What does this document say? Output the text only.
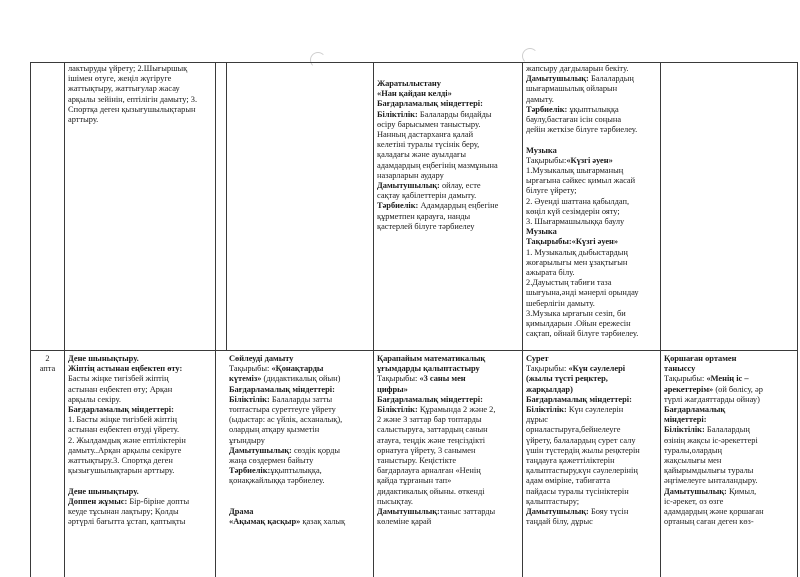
лактыруды үйрету; 2.Шығыршық

ішімен өтуге, жеңіл жүгіруге

жаттықтыру, жаттығулар жасау

арқылы зейінін, ептілігін дамыту; 3.

Спортқа деген қызығушылықтарын

арттыру.

Жаратылыстану

«Нан қайдан келді»

Бағдарламалық міндеттері:

Біліктілік: Балаларды бидайды

өсіру барысымен таныстыру.

Нанның дастарханға қалай

келетіні туралы түсінік беру,

қаладағы және ауылдағы

адамдардың еңбегінің мазмұнына

назарларын аудару

Дамытушылық: ойлау, есте

сақтау қабілеттерін дамыту.

Тәрбиелік: Адамдардың еңбегіне

құрметпен қарауға, нанды

қастерлей білуге тәрбиелеу

жапсыру дағдыларын бекіту.

Дамытушылық: Балалардың

шығармашылық ойларын

дамыту.

Тәрбиелік: ұқыптылыққа

баулу,бастаған ісін соңына

дейін жеткізе білуге тәрбиелеу.

Музыка

Тақырыбы:«Күзгі әуен»

1.Музыкалық шығарманың

ырғағына сәйкес қимыл жасай

білуге үйрету;

2. Әуенді шаттана қабылдап,

көңіл күй сезімдерін ояту;

3. Шығармашылыққа баулу

Музыка

Тақырыбы:«Күзгі әуен»

1. Музыкалық дыбыстардың

жоғарылығы мен ұзақтығын

ажырата білу.

2.Дауыстың табиғи таза

шығуына,әнді мәнерлі орындау

шеберлігін дамыту.

3.Музыка ырғағын сезіп, би

қимылдарын .Ойын ережесін

сақтап, ойнай білуге тәрбиелеу.

2

апта

Дене шынықтыру.

Жіптің астынан еңбектеп өту:

Басты жіңке тигізбей жіптің

астынан еңбектеп өту; Арқан

арқылы секіру.

Бағдарламалық міндеттері:

1. Басты жіңке тигізбей жіптің

астынан еңбектеп өтуді үйрету.

2. Жылдамдық және ептіліктерін

дамыту..Арқан арқылы секіруге

жаттықтыру.3. Спортқа деген

қызығушылықтарын арттыру.

Дене шынықтыру.

Доппен жұмыс: Бір-біріне допты

кеуде тұсынан лақтыру; Қолды

әртүрлі бағытта ұстап, қаптықты

Сөйлеуді дамыту

Тақырыбы: «Қонақтарды

күтеміз» (дидактикалық ойын)

Бағдарламалық міндеттері:

Біліктілік: Балаларды затты

топтастыра суреттеуге үйрету

(ыдыстар: ас үйлік, асханалық),

олардың атқару қызметін

ұғындыру

Дамытушылық: сөздік қорды

жаңа сөздермен байыту

Тәрбиелік:ұқыптылыққа,

қонақжайлыққа тәрбиелеу.

Драма

«Ақымақ қасқыр» қазақ халық

Қарапайым математикалық

ұғымдарды қалыптастыру

Тақырыбы: «3 саны мен

цифры»

Бағдарламалық міндеттері:

Біліктілік: Құрамында 2 және 2,

2 және 3 заттар бар топтарды

салыстыруға, заттардың санын

атауға, теңдік және теңсіздікті

орнатуға үйрету, 3 санымен

таныстыру. Кеңістікте

бағдарлауға арналған «Ненің

қайда тұрғанын тап»

дидактикалық ойыны. өткенді

пысықтау.

Дамытушылық:таныс заттарды

көлеміне қарай

Сурет

Тақырыбы: «Күн сәулелері

(жылы түсті реңктер,

жарқылдар)

Бағдарламалық міндеттері:

Біліктілік: Күн сәулелерін

дұрыс

орналастыруға,бейнелеуге

үйрету, балалардың сурет салу

үшін түстердің жылы реңктерін

таңдауға қажеттіліктерін

қалыптастыру,күн сәулелерінің

адам өміріне, табиғатта

пайдасы туралы түсініктерін

қалыптастыру;

Дамытушылық: Бояу түсін

таңдай білу, дұрыс

Қоршаған ортамен

таныссу

Тақырыбы: «Менің іс –

әрекеттерім» (ой бөлісу, әр

түрлі жағдаяттарды ойнау)

Бағдарламалық

міндеттері:

Біліктілік: Балалардың

өзінің жақсы іс-әрекеттері

туралы,олардың

жақсылығы мен

қайырымдылығы туралы

әңгімелеуге ынталандыру.

Дамытушылық: Қимыл,

іс-әрекет, оз өзге

адамдардың және қоршаған

ортаның саған деген көз-
